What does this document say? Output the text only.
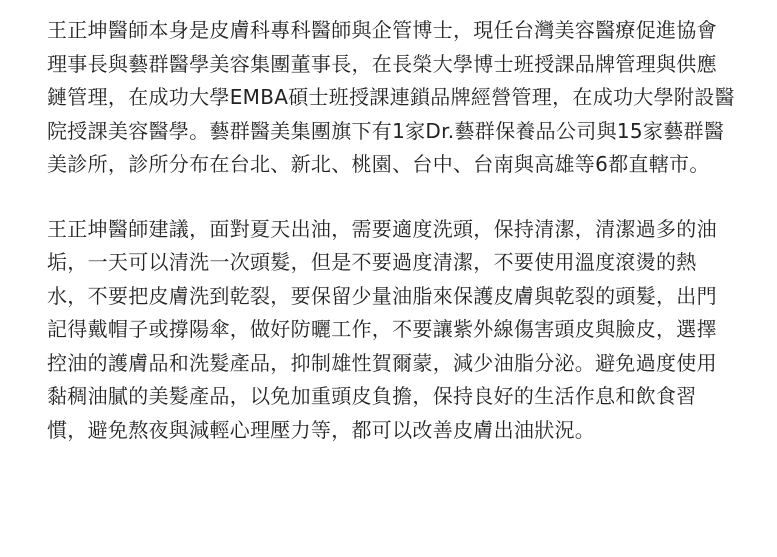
王正坤醫師本身是皮膚科專科醫師與企管博士，現任台灣美容醫療促進協會理事長與藝群醫學美容集團董事長，在長榮大學博士班授課品牌管理與供應鏈管理，在成功大學EMBA碩士班授課連鎖品牌經營管理，在成功大學附設醫院授課美容醫學。藝群醫美集團旗下有1家Dr.藝群保養品公司與15家藝群醫美診所，診所分布在台北、新北、桃園、台中、台南與高雄等6都直轄市。

王正坤醫師建議，面對夏天出油，需要適度洗頭，保持清潔，清潔過多的油垢，一天可以清洗一次頭髮，但是不要過度清潔，不要使用溫度滾燙的熱水，不要把皮膚洗到乾裂，要保留少量油脂來保護皮膚與乾裂的頭髮，出門記得戴帽子或撐陽傘，做好防曬工作，不要讓紫外線傷害頭皮與臉皮，選擇控油的護膚品和洗髮產品，抑制雄性賀爾蒙，減少油脂分泌。避免過度使用黏稠油膩的美髮產品，以免加重頭皮負擔，保持良好的生活作息和飲食習慣，避免熬夜與減輕心理壓力等，都可以改善皮膚出油狀況。
